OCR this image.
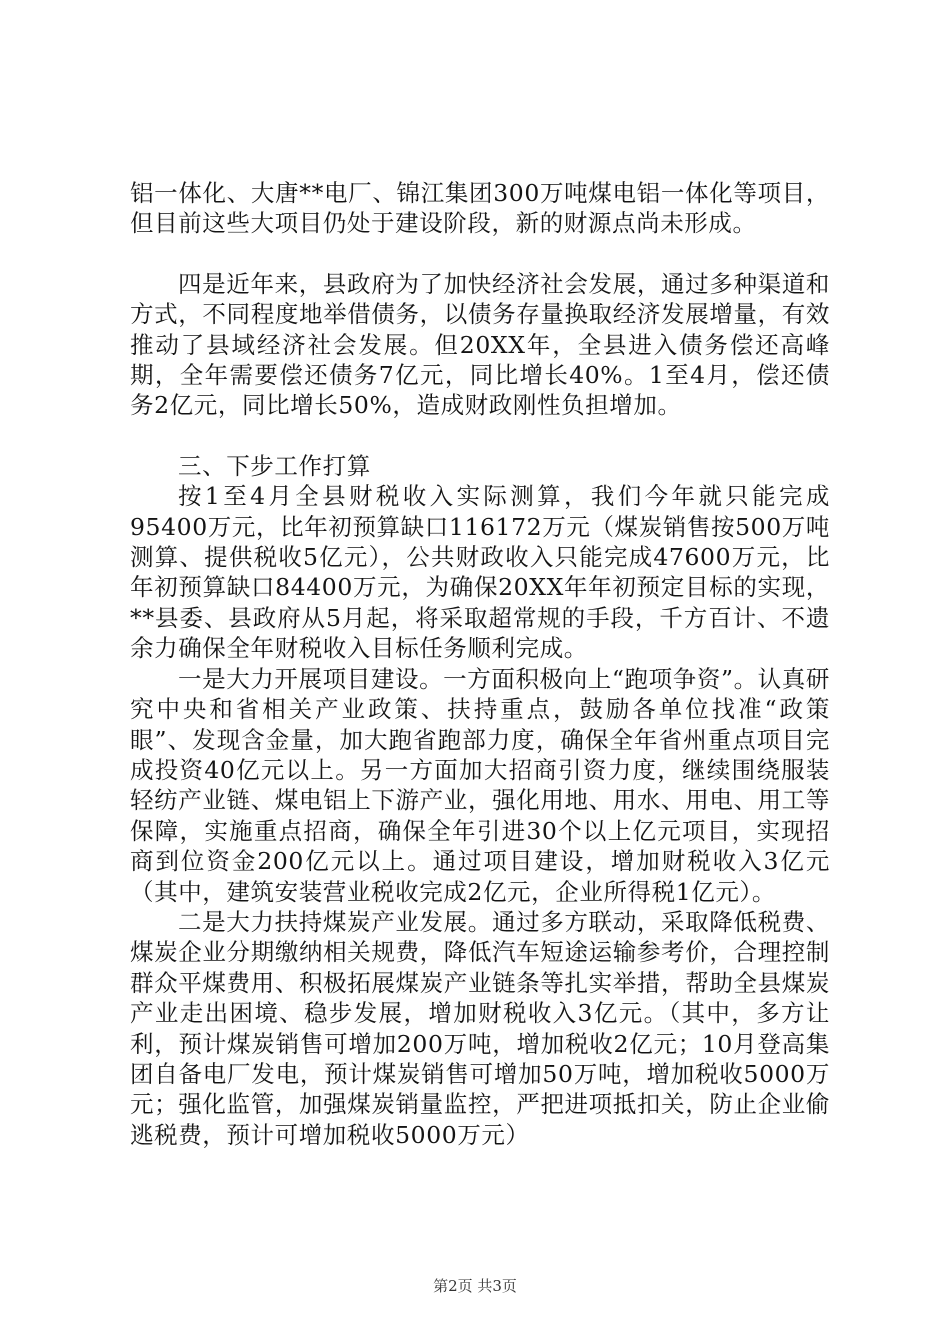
铝一体化、大唐**电厂、锦江集团300万吨煤电铝一体化等项目，但目前这些大项目仍处于建设阶段，新的财源点尚未形成。

四是近年来，县政府为了加快经济社会发展，通过多种渠道和方式，不同程度地举借债务，以债务存量换取经济发展增量，有效推动了县域经济社会发展。但20XX年，全县进入债务偿还高峰期，全年需要偿还债务7亿元，同比增长40%。1至4月，偿还债务2亿元，同比增长50%，造成财政刚性负担增加。

三、下步工作打算

按1至4月全县财税收入实际测算，我们今年就只能完成95400万元，比年初预算缺口116172万元（煤炭销售按500万吨测算、提供税收5亿元），公共财政收入只能完成47600万元，比年初预算缺口84400万元，为确保20XX年年初预定目标的实现，**县委、县政府从5月起，将采取超常规的手段，千方百计、不遗余力确保全年财税收入目标任务顺利完成。

一是大力开展项目建设。一方面积极向上“跑项争资”。认真研究中央和省相关产业政策、扶持重点，鼓励各单位找准“政策眼”、发现含金量，加大跑省跑部力度，确保全年省州重点项目完成投资40亿元以上。另一方面加大招商引资力度，继续围绕服装轻纺产业链、煤电铝上下游产业，强化用地、用水、用电、用工等保障，实施重点招商，确保全年引进30个以上亿元项目，实现招商到位资金200亿元以上。通过项目建设，增加财税收入3亿元（其中，建筑安装营业税收完成2亿元，企业所得税1亿元）。

二是大力扶持煤炭产业发展。通过多方联动，采取降低税费、煤炭企业分期缴纳相关规费，降低汽车短途运输参考价，合理控制群众平煤费用、积极拓展煤炭产业链条等扎实举措，帮助全县煤炭产业走出困境、稳步发展，增加财税收入3亿元。（其中，多方让利，预计煤炭销售可增加200万吨，增加税收2亿元；10月登高集团自备电厂发电，预计煤炭销售可增加50万吨，增加税收5000万元；强化监管，加强煤炭销量监控，严把进项抵扣关，防止企业偷逃税费，预计可增加税收5000万元）

第2页 共3页
